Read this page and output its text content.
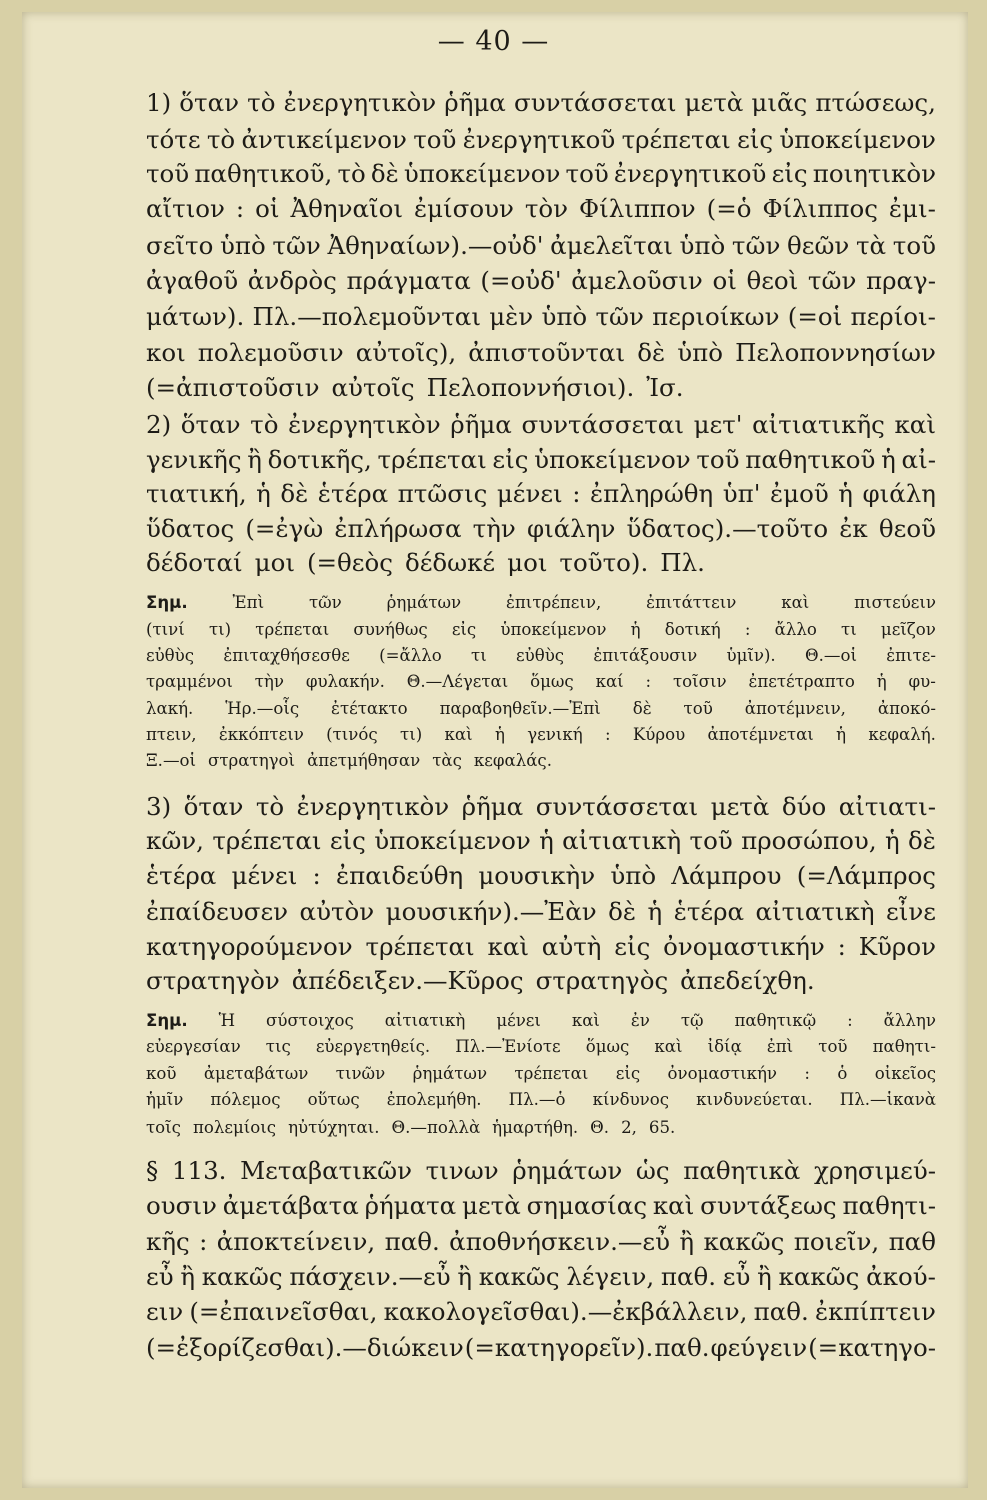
— 40 —
1) ὅταν τὸ ἐνεργητικὸν ῥῆμα συντάσσεται μετὰ μιᾶς πτώσεως,
τότε τὸ ἀντικείμενον τοῦ ἐνεργητικοῦ τρέπεται εἰς ὑποκείμενον
τοῦ παθητικοῦ, τὸ δὲ ὑποκείμενον τοῦ ἐνεργητικοῦ εἰς ποιητικὸν
αἴτιον : οἱ Ἀθηναῖοι ἐμίσουν τὸν Φίλιππον (=ὁ Φίλιππος ἐμι-
σεῖτο ὑπὸ τῶν Ἀθηναίων).—οὐδ' ἀμελεῖται ὑπὸ τῶν θεῶν τὰ τοῦ
ἀγαθοῦ ἀνδρὸς πράγματα (=οὐδ' ἀμελοῦσιν οἱ θεοὶ τῶν πραγ-
μάτων). Πλ.—πολεμοῦνται μὲν ὑπὸ τῶν περιοίκων (=οἱ περίοι-
κοι πολεμοῦσιν αὐτοῖς), ἀπιστοῦνται δὲ ὑπὸ Πελοποννησίων
(=ἀπιστοῦσιν αὐτοῖς Πελοποννήσιοι). Ἰσ.
2) ὅταν τὸ ἐνεργητικὸν ῥῆμα συντάσσεται μετ' αἰτιατικῆς καὶ
γενικῆς ἢ δοτικῆς, τρέπεται εἰς ὑποκείμενον τοῦ παθητικοῦ ἡ αἰ-
τιατική, ἡ δὲ ἑτέρα πτῶσις μένει : ἐπληρώθη ὑπ' ἐμοῦ ἡ φιάλη
ὕδατος (=ἐγὼ ἐπλήρωσα τὴν φιάλην ὕδατος).—τοῦτο ἐκ θεοῦ
δέδοταί μοι (=θεὸς δέδωκέ μοι τοῦτο). Πλ.
Σημ.	Ἐπὶ	τῶν	ῥημάτων	ἐπιτρέπειν,	ἐπιτάττειν	καὶ	πιστεύειν
(τινί τι) τρέπεται συνήθως εἰς ὑποκείμενον ἡ δοτική : ἄλλο τι μεῖζον
εὐθὺς ἐπιταχθήσεσθε (=ἄλλο τι εὐθὺς ἐπιτάξουσιν ὑμῖν). Θ.—οἱ ἐπιτε-
τραμμένοι τὴν φυλακήν. Θ.—Λέγεται ὅμως καί : τοῖσιν ἐπετέτραπτο ἡ φυ-
λακή. Ἡρ.—οἷς ἐτέτακτο παραβοηθεῖν.—Ἐπὶ δὲ τοῦ ἀποτέμνειν, ἀποκό-
πτειν, ἐκκόπτειν (τινός τι) καὶ ἡ γενική : Κύρου ἀποτέμνεται ἡ κεφαλή.
Ξ.—οἱ στρατηγοὶ ἀπετμήθησαν τὰς κεφαλάς.
3) ὅταν τὸ ἐνεργητικὸν ῥῆμα συντάσσεται μετὰ δύο αἰτιατι-
κῶν, τρέπεται εἰς ὑποκείμενον ἡ αἰτιατικὴ τοῦ προσώπου, ἡ δὲ
ἑτέρα μένει : ἐπαιδεύθη μουσικὴν ὑπὸ Λάμπρου (=Λάμπρος
ἐπαίδευσεν αὐτὸν μουσικήν).—Ἐὰν δὲ ἡ ἑτέρα αἰτιατικὴ εἶνε
κατηγορούμενον τρέπεται καὶ αὐτὴ εἰς ὀνομαστικήν : Κῦρον
στρατηγὸν ἀπέδειξεν.—Κῦρος στρατηγὸς ἀπεδείχθη.
Σημ. Ἡ σύστοιχος αἰτιατικὴ μένει καὶ ἐν τῷ παθητικῷ : ἄλλην
εὐεργεσίαν τις εὐεργετηθείς. Πλ.—Ἐνίοτε ὅμως καὶ ἰδίᾳ ἐπὶ τοῦ παθητι-
κοῦ ἀμεταβάτων τινῶν ῥημάτων τρέπεται εἰς ὀνομαστικήν : ὁ οἰκεῖος
ἡμῖν πόλεμος οὕτως ἐπολεμήθη. Πλ.—ὁ κίνδυνος κινδυνεύεται. Πλ.—ἱκανὰ
τοῖς πολεμίοις ηὐτύχηται. Θ.—πολλὰ ἡμαρτήθη. Θ. 2, 65.
§ 113. Μεταβατικῶν τινων ῥημάτων ὡς παθητικὰ χρησιμεύ-
ουσιν ἀμετάβατα ῥήματα μετὰ σημασίας καὶ συντάξεως παθητι-
κῆς : ἀποκτείνειν, παθ. ἀποθνήσκειν.—εὖ ἢ κακῶς ποιεῖν, παθ
εὖ ἢ κακῶς πάσχειν.—εὖ ἢ κακῶς λέγειν, παθ. εὖ ἢ κακῶς ἀκού-
ειν (=ἐπαινεῖσθαι, κακολογεῖσθαι).—ἐκβάλλειν, παθ. ἐκπίπτειν
(=ἐξορίζεσθαι).—διώκειν (=κατηγορεῖν). παθ. φεύγειν (=κατηγο-
